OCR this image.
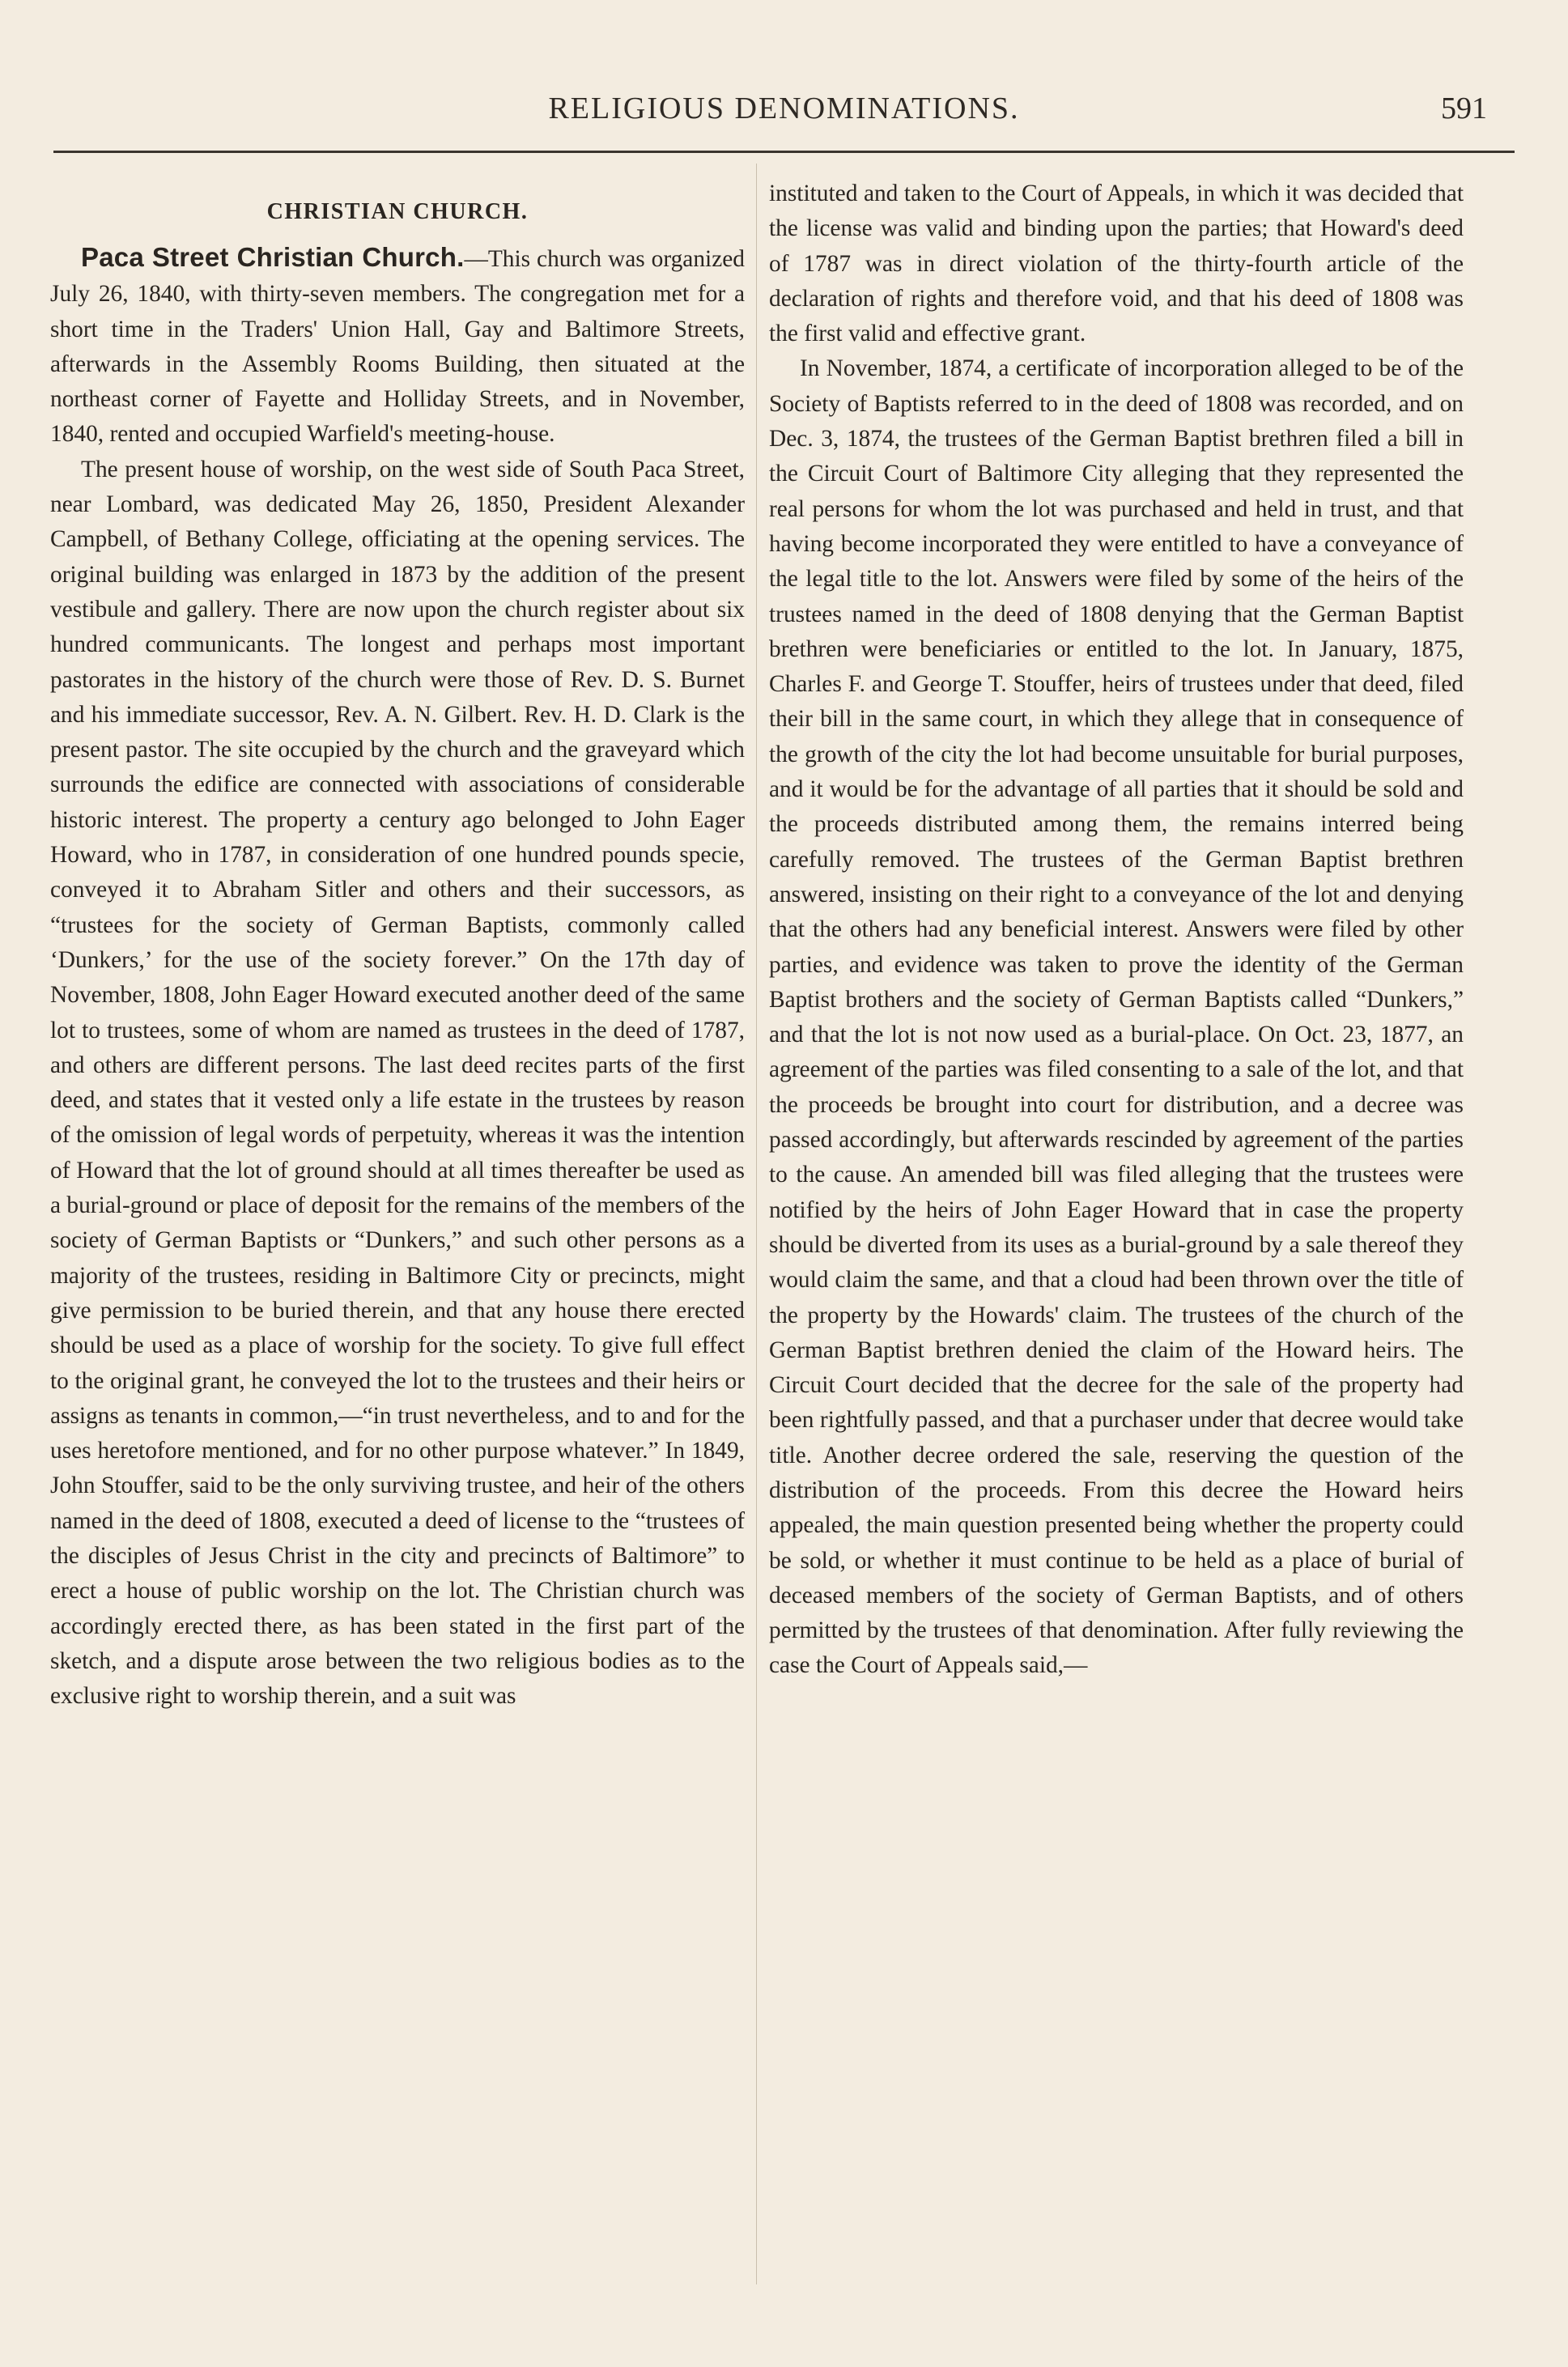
RELIGIOUS DENOMINATIONS.	591
CHRISTIAN CHURCH.

Paca Street Christian Church.—This church was organized July 26, 1840, with thirty-seven members. The congregation met for a short time in the Traders' Union Hall, Gay and Baltimore Streets, afterwards in the Assembly Rooms Building, then situated at the northeast corner of Fayette and Holliday Streets, and in November, 1840, rented and occupied Warfield's meeting-house.

The present house of worship, on the west side of South Paca Street, near Lombard, was dedicated May 26, 1850, President Alexander Campbell, of Bethany College, officiating at the opening services. The original building was enlarged in 1873 by the addition of the present vestibule and gallery. There are now upon the church register about six hundred communicants. The longest and perhaps most important pastorates in the history of the church were those of Rev. D. S. Burnet and his immediate successor, Rev. A. N. Gilbert. Rev. H. D. Clark is the present pastor. The site occupied by the church and the graveyard which surrounds the edifice are connected with associations of considerable historic interest. The property a century ago belonged to John Eager Howard, who in 1787, in consideration of one hundred pounds specie, conveyed it to Abraham Sitler and others and their successors, as “trustees for the society of German Baptists, commonly called ‘Dunkers,’ for the use of the society forever.” On the 17th day of November, 1808, John Eager Howard executed another deed of the same lot to trustees, some of whom are named as trustees in the deed of 1787, and others are different persons. The last deed recites parts of the first deed, and states that it vested only a life estate in the trustees by reason of the omission of legal words of perpetuity, whereas it was the intention of Howard that the lot of ground should at all times thereafter be used as a burial-ground or place of deposit for the remains of the members of the society of German Baptists or “Dunkers,” and such other persons as a majority of the trustees, residing in Baltimore City or precincts, might give permission to be buried therein, and that any house there erected should be used as a place of worship for the society. To give full effect to the original grant, he conveyed the lot to the trustees and their heirs or assigns as tenants in common,—“in trust nevertheless, and to and for the uses heretofore mentioned, and for no other purpose whatever.” In 1849, John Stouffer, said to be the only surviving trustee, and heir of the others named in the deed of 1808, executed a deed of license to the “trustees of the disciples of Jesus Christ in the city and precincts of Baltimore” to erect a house of public worship on the lot. The Christian church was accordingly erected there, as has been stated in the first part of the sketch, and a dispute arose between the two religious bodies as to the exclusive right to worship therein, and a suit was

instituted and taken to the Court of Appeals, in which it was decided that the license was valid and binding upon the parties; that Howard's deed of 1787 was in direct violation of the thirty-fourth article of the declaration of rights and therefore void, and that his deed of 1808 was the first valid and effective grant.

In November, 1874, a certificate of incorporation alleged to be of the Society of Baptists referred to in the deed of 1808 was recorded, and on Dec. 3, 1874, the trustees of the German Baptist brethren filed a bill in the Circuit Court of Baltimore City alleging that they represented the real persons for whom the lot was purchased and held in trust, and that having become incorporated they were entitled to have a conveyance of the legal title to the lot. Answers were filed by some of the heirs of the trustees named in the deed of 1808 denying that the German Baptist brethren were beneficiaries or entitled to the lot. In January, 1875, Charles F. and George T. Stouffer, heirs of trustees under that deed, filed their bill in the same court, in which they allege that in consequence of the growth of the city the lot had become unsuitable for burial purposes, and it would be for the advantage of all parties that it should be sold and the proceeds distributed among them, the remains interred being carefully removed. The trustees of the German Baptist brethren answered, insisting on their right to a conveyance of the lot and denying that the others had any beneficial interest. Answers were filed by other parties, and evidence was taken to prove the identity of the German Baptist brothers and the society of German Baptists called “Dunkers,” and that the lot is not now used as a burial-place. On Oct. 23, 1877, an agreement of the parties was filed consenting to a sale of the lot, and that the proceeds be brought into court for distribution, and a decree was passed accordingly, but afterwards rescinded by agreement of the parties to the cause. An amended bill was filed alleging that the trustees were notified by the heirs of John Eager Howard that in case the property should be diverted from its uses as a burial-ground by a sale thereof they would claim the same, and that a cloud had been thrown over the title of the property by the Howards' claim. The trustees of the church of the German Baptist brethren denied the claim of the Howard heirs. The Circuit Court decided that the decree for the sale of the property had been rightfully passed, and that a purchaser under that decree would take title. Another decree ordered the sale, reserving the question of the distribution of the proceeds. From this decree the Howard heirs appealed, the main question presented being whether the property could be sold, or whether it must continue to be held as a place of burial of deceased members of the society of German Baptists, and of others permitted by the trustees of that denomination. After fully reviewing the case the Court of Appeals said,—
